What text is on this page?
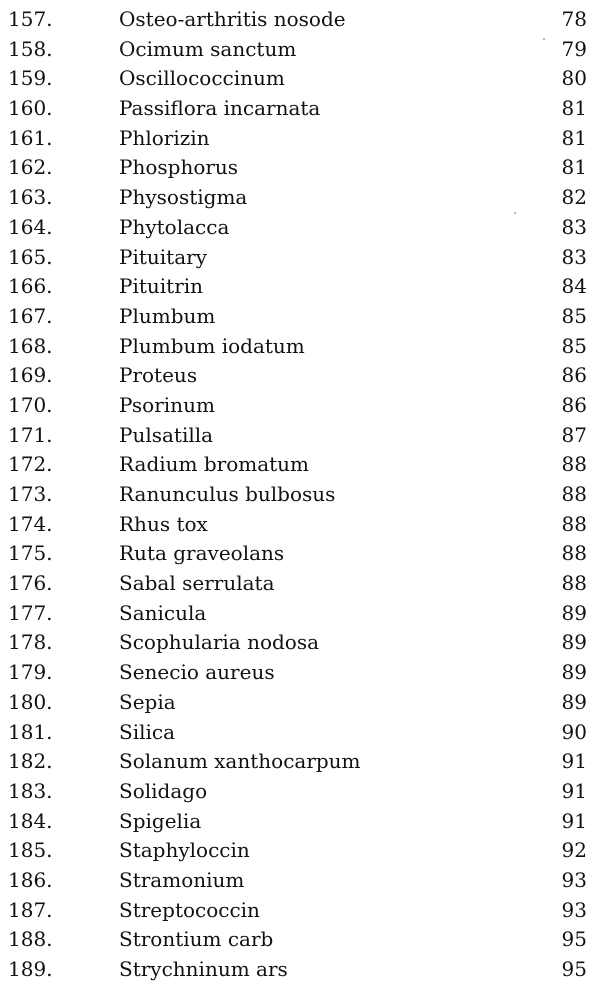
157.	Osteo-arthritis nosode	78
158.	Ocimum sanctum	79
159.	Oscillococcinum	80
160.	Passiflora incarnata	81
161.	Phlorizin	81
162.	Phosphorus	81
163.	Physostigma	82
164.	Phytolacca	83
165.	Pituitary	83
166.	Pituitrin	84
167.	Plumbum	85
168.	Plumbum iodatum	85
169.	Proteus	86
170.	Psorinum	86
171.	Pulsatilla	87
172.	Radium bromatum	88
173.	Ranunculus bulbosus	88
174.	Rhus tox	88
175.	Ruta graveolans	88
176.	Sabal serrulata	88
177.	Sanicula	89
178.	Scophularia nodosa	89
179.	Senecio aureus	89
180.	Sepia	89
181.	Silica	90
182.	Solanum xanthocarpum	91
183.	Solidago	91
184.	Spigelia	91
185.	Staphyloccin	92
186.	Stramonium	93
187.	Streptococcin	93
188.	Strontium carb	95
189.	Strychninum ars	95
